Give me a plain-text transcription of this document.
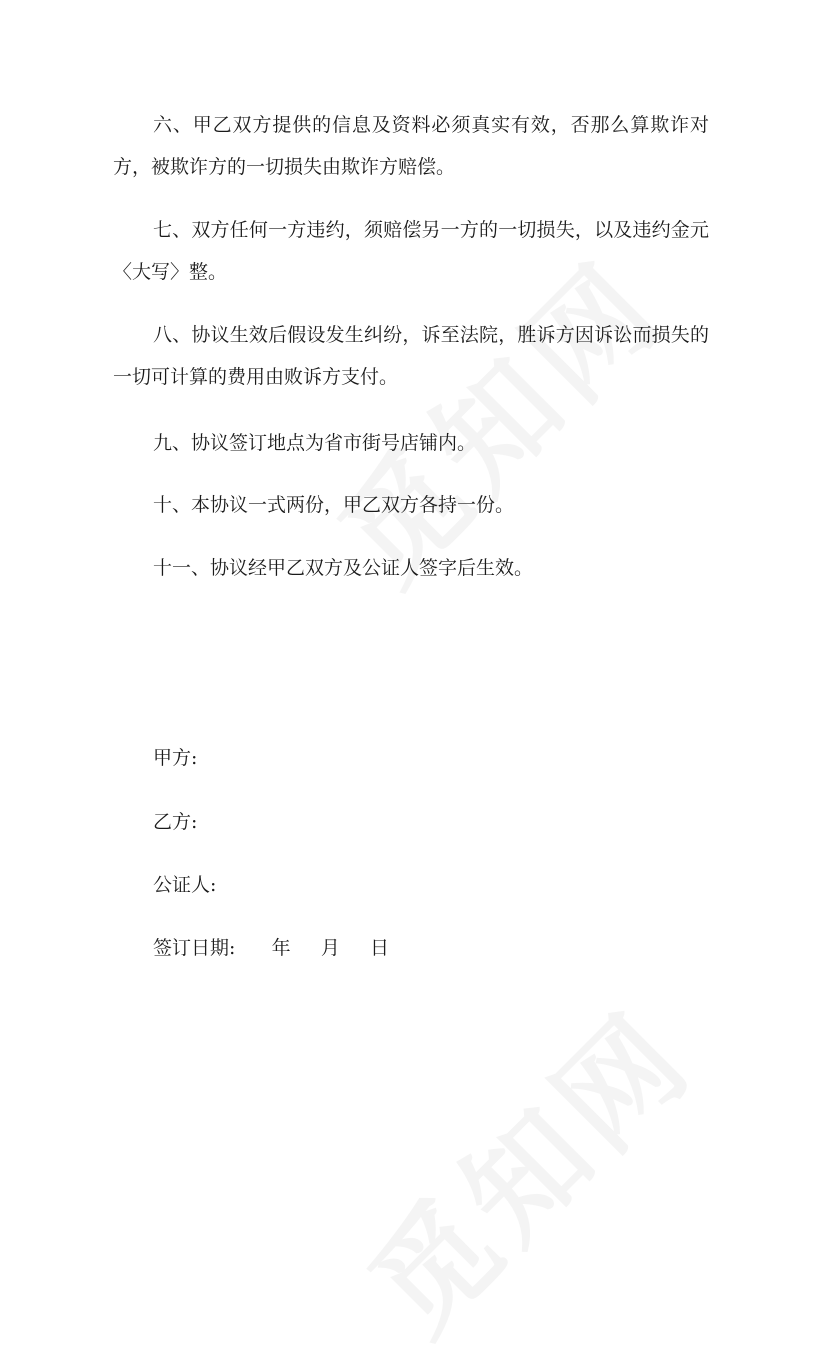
六、甲乙双方提供的信息及资料必须真实有效，否那么算欺诈对方，被欺诈方的一切损失由欺诈方赔偿。

七、双方任何一方违约，须赔偿另一方的一切损失，以及违约金元〈大写〉整。

八、协议生效后假设发生纠纷，诉至法院，胜诉方因诉讼而损失的一切可计算的费用由败诉方支付。

九、协议签订地点为省市街号店铺内。

十、本协议一式两份，甲乙双方各持一份。

十一、协议经甲乙双方及公证人签字后生效。

甲方:
乙方:
公证人:
签订日期:      年     月     日
